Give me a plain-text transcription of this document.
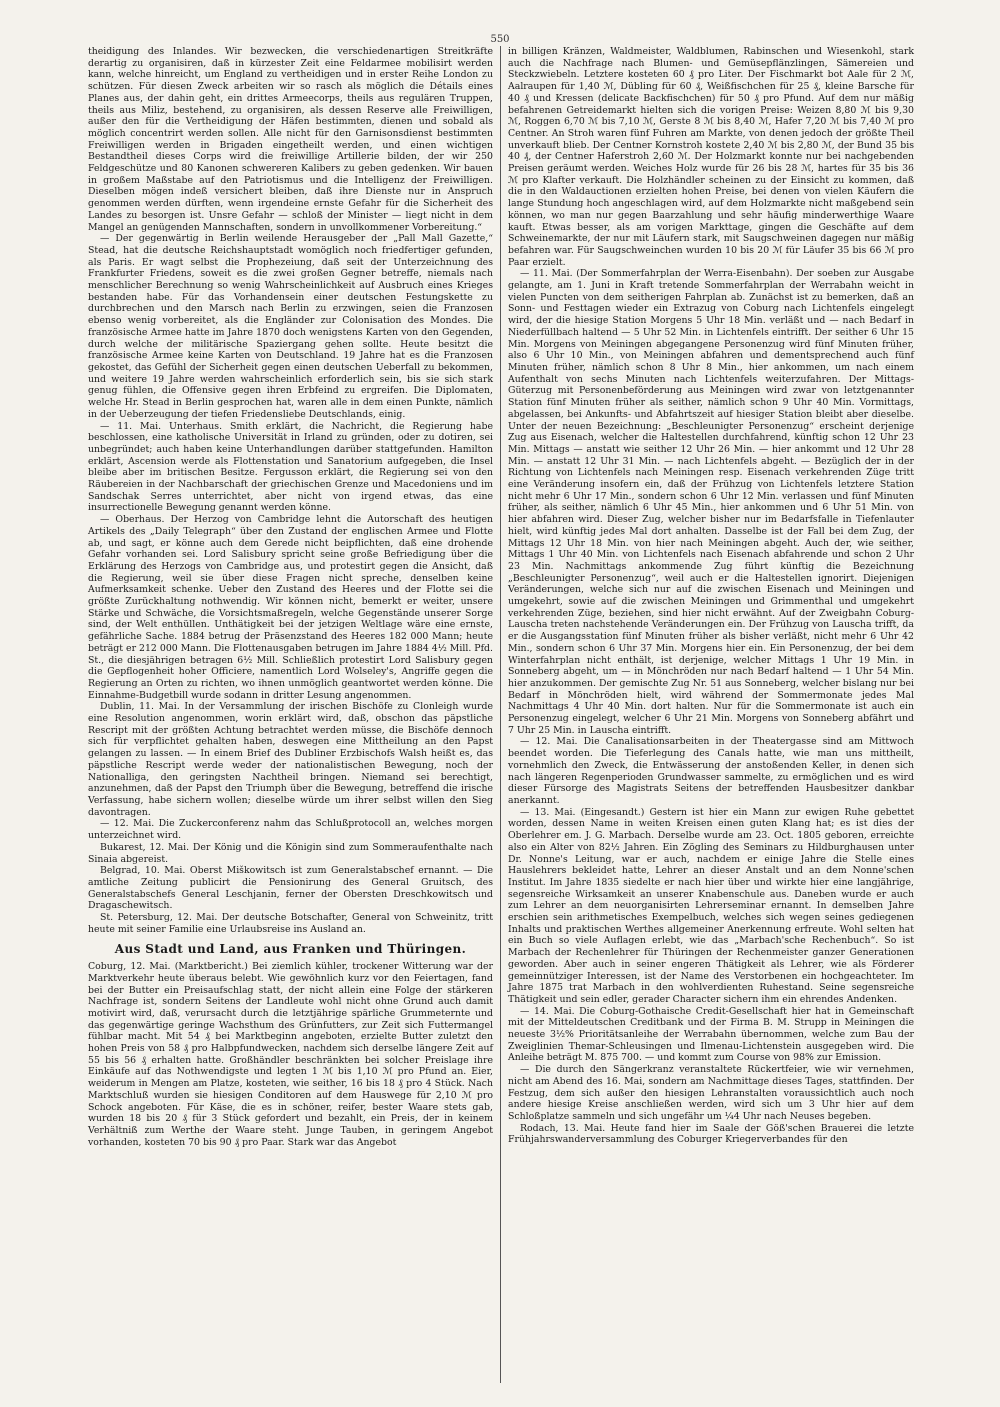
550

theidigung des Inlandes. Wir bezwecken, die verschiedenartigen Streitkräfte derartig zu organisiren, daß in kürzester Zeit eine Feldarmee mobilisirt werden kann, welche hinreicht, um England zu vertheidigen und in erster Reihe London zu schützen. Für diesen Zweck arbeiten wir so rasch als möglich die Détails eines Planes aus, der dahin geht, ein drittes Armeecorps, theils aus regulären Truppen, theils aus Miliz, bestehend, zu organisiren, als dessen Reserve alle Freiwilligen, außer den für die Vertheidigung der Häfen bestimmten, dienen und sobald als möglich concentrirt werden sollen. Alle nicht für den Garnisonsdienst bestimmten Freiwilligen werden in Brigaden eingetheilt werden, und einen wichtigen Bestandtheil dieses Corps wird die freiwillige Artillerie bilden, der wir 250 Feldgeschütze und 80 Kanonen schwereren Kalibers zu geben gedenken. Wir bauen in großem Maßstabe auf den Patriotismus und die Intelligenz der Freiwilligen. Dieselben mögen indeß versichert bleiben, daß ihre Dienste nur in Anspruch genommen werden dürften, wenn irgendeine ernste Gefahr für die Sicherheit des Landes zu besorgen ist. Unsre Gefahr — schloß der Minister — liegt nicht in dem Mangel an genügenden Mannschaften, sondern in unvollkommener Vorbereitung.“

— Der gegenwärtig in Berlin weilende Herausgeber der „Pall Mall Gazette,“ Stead, hat die deutsche Reichshauptstadt womöglich noch friedfertiger gefunden, als Paris. Er wagt selbst die Prophezeiung, daß seit der Unterzeichnung des Frankfurter Friedens, soweit es die zwei großen Gegner betreffe, niemals nach menschlicher Berechnung so wenig Wahrscheinlichkeit auf Ausbruch eines Krieges bestanden habe. Für das Vorhandensein einer deutschen Festungskette zu durchbrechen und den Marsch nach Berlin zu erzwingen, seien die Franzosen ebenso wenig vorbereitet, als die Engländer zur Colonisation des Mondes. Die französische Armee hatte im Jahre 1870 doch wenigstens Karten von den Gegenden, durch welche der militärische Spaziergang gehen sollte. Heute besitzt die französische Armee keine Karten von Deutschland. 19 Jahre hat es die Franzosen gekostet, das Gefühl der Sicherheit gegen einen deutschen Ueberfall zu bekommen, und weitere 19 Jahre werden wahrscheinlich erforderlich sein, bis sie sich stark genug fühlen, die Offensive gegen ihren Erbfeind zu ergreifen. Die Diplomaten, welche Hr. Stead in Berlin gesprochen hat, waren alle in dem einen Punkte, nämlich in der Ueberzeugung der tiefen Friedensliebe Deutschlands, einig.

— 11. Mai. Unterhaus. Smith erklärt, die Nachricht, die Regierung habe beschlossen, eine katholische Universität in Irland zu gründen, oder zu dotiren, sei unbegründet; auch haben keine Unterhandlungen darüber stattgefunden. Hamilton erklärt, Ascension werde als Flottenstation und Sanatorium aufgegeben, die Insel bleibe aber im britischen Besitze. Fergusson erklärt, die Regierung sei von den Räubereien in der Nachbarschaft der griechischen Grenze und Macedoniens und im Sandschak Serres unterrichtet, aber nicht von irgend etwas, das eine insurrectionelle Bewegung genannt werden könne.

— Oberhaus. Der Herzog von Cambridge lehnt die Autorschaft des heutigen Artikels des „Daily Telegraph“ über den Zustand der englischen Armee und Flotte ab, und sagt, er könne auch dem Gerede nicht beipflichten, daß eine drohende Gefahr vorhanden sei. Lord Salisbury spricht seine große Befriedigung über die Erklärung des Herzogs von Cambridge aus, und protestirt gegen die Ansicht, daß die Regierung, weil sie über diese Fragen nicht spreche, denselben keine Aufmerksamkeit schenke. Ueber den Zustand des Heeres und der Flotte sei die größte Zurückhaltung nothwendig. Wir können nicht, bemerkt er weiter, unsere Stärke und Schwäche, die Vorsichtsmaßregeln, welche Gegenstände unserer Sorge sind, der Welt enthüllen. Unthätigkeit bei der jetzigen Weltlage wäre eine ernste, gefährliche Sache. 1884 betrug der Präsenzstand des Heeres 182 000 Mann; heute beträgt er 212 000 Mann. Die Flottenausgaben betrugen im Jahre 1884 4½ Mill. Pfd. St., die diesjährigen betragen 6½ Mill. Schließlich protestirt Lord Salisbury gegen die Gepflogenheit hoher Officiere, namentlich Lord Wolseley's, Angriffe gegen die Regierung an Orten zu richten, wo ihnen unmöglich geantwortet werden könne. Die Einnahme-Budgetbill wurde sodann in dritter Lesung angenommen.

Dublin, 11. Mai. In der Versammlung der irischen Bischöfe zu Clonleigh wurde eine Resolution angenommen, worin erklärt wird, daß, obschon das päpstliche Rescript mit der größten Achtung betrachtet werden müsse, die Bischöfe dennoch sich für verpflichtet gehalten haben, deswegen eine Mittheilung an den Papst gelangen zu lassen. — In einem Brief des Dubliner Erzbischofs Walsh heißt es, das päpstliche Rescript werde weder der nationalistischen Bewegung, noch der Nationalliga, den geringsten Nachtheil bringen. Niemand sei berechtigt, anzunehmen, daß der Papst den Triumph über die Bewegung, betreffend die irische Verfassung, habe sichern wollen; dieselbe würde um ihrer selbst willen den Sieg davontragen.

— 12. Mai. Die Zuckerconferenz nahm das Schlußprotocoll an, welches morgen unterzeichnet wird.

Bukarest, 12. Mai. Der König und die Königin sind zum Sommeraufenthalte nach Sinaia abgereist.

Belgrad, 10. Mai. Oberst Miškowitsch ist zum Generalstabschef ernannt. — Die amtliche Zeitung publicirt die Pensionirung des General Gruitsch, des Generalstabschefs General Leschjanin, ferner der Obersten Dreschkowitsch und Dragaschewitsch.

St. Petersburg, 12. Mai. Der deutsche Botschafter, General von Schweinitz, tritt heute mit seiner Familie eine Urlaubsreise ins Ausland an.

Aus Stadt und Land, aus Franken und Thüringen.

Coburg, 12. Mai. (Marktbericht.) Bei ziemlich kühler, trockener Witterung war der Marktverkehr heute überaus belebt. Wie gewöhnlich kurz vor den Feiertagen, fand bei der Butter ein Preisaufschlag statt, der nicht allein eine Folge der stärkeren Nachfrage ist, sondern Seitens der Landleute wohl nicht ohne Grund auch damit motivirt wird, daß, verursacht durch die letztjährige spärliche Grummeternte und das gegenwärtige geringe Wachsthum des Grünfutters, zur Zeit sich Futtermangel fühlbar macht. Mit 54 ₰ bei Marktbeginn angeboten, erzielte Butter zuletzt den hohen Preis von 58 ₰ pro Halbpfundwecken, nachdem sich derselbe längere Zeit auf 55 bis 56 ₰ erhalten hatte. Großhändler beschränkten bei solcher Preislage ihre Einkäufe auf das Nothwendigste und legten 1 ℳ bis 1,10 ℳ pro Pfund an. Eier, weiderum in Mengen am Platze, kosteten, wie seither, 16 bis 18 ₰ pro 4 Stück. Nach Marktschluß wurden sie hiesigen Conditoren auf dem Hauswege für 2,10 ℳ pro Schock angeboten. Für Käse, die es in schöner, reifer, bester Waare stets gab, wurden 18 bis 20 ₰ für 3 Stück gefordert und bezahlt, ein Preis, der in keinem Verhältniß zum Werthe der Waare steht. Junge Tauben, in geringem Angebot vorhanden, kosteten 70 bis 90 ₰ pro Paar. Stark war das Angebot

in billigen Kränzen, Waldmeister, Waldblumen, Rabinschen und Wiesenkohl, stark auch die Nachfrage nach Blumen- und Gemüsepflänzlingen, Sämereien und Steckzwiebeln. Letztere kosteten 60 ₰ pro Liter. Der Fischmarkt bot Aale für 2 ℳ, Aalraupen für 1,40 ℳ, Dübling für 60 ₰, Weißfischchen für 25 ₰, kleine Barsche für 40 ₰ und Kressen (delicate Backfischchen) für 50 ₰ pro Pfund. Auf dem nur mäßig befahrenen Getreidemarkt hielten sich die vorigen Preise: Weizen 8,80 ℳ bis 9,30 ℳ, Roggen 6,70 ℳ bis 7,10 ℳ, Gerste 8 ℳ bis 8,40 ℳ, Hafer 7,20 ℳ bis 7,40 ℳ pro Centner. An Stroh waren fünf Fuhren am Markte, von denen jedoch der größte Theil unverkauft blieb. Der Centner Kornstroh kostete 2,40 ℳ bis 2,80 ℳ, der Bund 35 bis 40 ₰, der Centner Haferstroh 2,60 ℳ. Der Holzmarkt konnte nur bei nachgebenden Preisen geräumt werden. Weiches Holz wurde für 26 bis 28 ℳ, hartes für 35 bis 36 ℳ pro Klafter verkauft. Die Holzhändler scheinen zu der Einsicht zu kommen, daß die in den Waldauctionen erzielten hohen Preise, bei denen von vielen Käufern die lange Stundung hoch angeschlagen wird, auf dem Holzmarkte nicht maßgebend sein können, wo man nur gegen Baarzahlung und sehr häufig minderwerthige Waare kauft. Etwas besser, als am vorigen Markttage, gingen die Geschäfte auf dem Schweinemarkte, der nur mit Läufern stark, mit Saugschweinen dagegen nur mäßig befahren war. Für Saugschweinchen wurden 10 bis 20 ℳ für Läufer 35 bis 66 ℳ pro Paar erzielt.

— 11. Mai. (Der Sommerfahrplan der Werra-Eisenbahn). Der soeben zur Ausgabe gelangte, am 1. Juni in Kraft tretende Sommerfahrplan der Werrabahn weicht in vielen Puncten von dem seitherigen Fahrplan ab. Zunächst ist zu bemerken, daß an Sonn- und Festtagen wieder ein Extrazug von Coburg nach Lichtenfels eingelegt wird, der die hiesige Station Morgens 5 Uhr 18 Min. verläßt und — nach Bedarf in Niederfüllbach haltend — 5 Uhr 52 Min. in Lichtenfels eintrifft. Der seither 6 Uhr 15 Min. Morgens von Meiningen abgegangene Personenzug wird fünf Minuten früher, also 6 Uhr 10 Min., von Meiningen abfahren und dementsprechend auch fünf Minuten früher, nämlich schon 8 Uhr 8 Min., hier ankommen, um nach einem Aufenthalt von sechs Minuten nach Lichtenfels weiterzufahren. Der Mittags-Güterzug mit Personenbeförderung aus Meiningen wird zwar von letztgenannter Station fünf Minuten früher als seither, nämlich schon 9 Uhr 40 Min. Vormittags, abgelassen, bei Ankunfts- und Abfahrtszeit auf hiesiger Station bleibt aber dieselbe. Unter der neuen Bezeichnung: „Beschleunigter Personenzug“ erscheint derjenige Zug aus Eisenach, welcher die Haltestellen durchfahrend, künftig schon 12 Uhr 23 Min. Mittags — anstatt wie seither 12 Uhr 26 Min. — hier ankommt und 12 Uhr 28 Min. — anstatt 12 Uhr 31 Min. — nach Lichtenfels abgeht. — Bezüglich der in der Richtung von Lichtenfels nach Meiningen resp. Eisenach verkehrenden Züge tritt eine Veränderung insofern ein, daß der Frühzug von Lichtenfels letztere Station nicht mehr 6 Uhr 17 Min., sondern schon 6 Uhr 12 Min. verlassen und fünf Minuten früher, als seither, nämlich 6 Uhr 45 Min., hier ankommen und 6 Uhr 51 Min. von hier abfahren wird. Dieser Zug, welcher bisher nur im Bedarfsfalle in Tiefenlauter hielt, wird künftig jedes Mal dort anhalten. Dasselbe ist der Fall bei dem Zug, der Mittags 12 Uhr 18 Min. von hier nach Meiningen abgeht. Auch der, wie seither, Mittags 1 Uhr 40 Min. von Lichtenfels nach Eisenach abfahrende und schon 2 Uhr 23 Min. Nachmittags ankommende Zug führt künftig die Bezeichnung „Beschleunigter Personenzug“, weil auch er die Haltestellen ignorirt. Diejenigen Veränderungen, welche sich nur auf die zwischen Eisenach und Meiningen und umgekehrt, sowie auf die zwischen Meiningen und Grimmenthal und umgekehrt verkehrenden Züge, beziehen, sind hier nicht erwähnt. Auf der Zweigbahn Coburg-Lauscha treten nachstehende Veränderungen ein. Der Frühzug von Lauscha trifft, da er die Ausgangsstation fünf Minuten früher als bisher verläßt, nicht mehr 6 Uhr 42 Min., sondern schon 6 Uhr 37 Min. Morgens hier ein. Ein Personenzug, der bei dem Winterfahrplan nicht enthält, ist derjenige, welcher Mittags 1 Uhr 19 Min. in Sonneberg abgeht, um — in Mönchröden nur nach Bedarf haltend — 1 Uhr 54 Min. hier anzukommen. Der gemischte Zug Nr. 51 aus Sonneberg, welcher bislang nur bei Bedarf in Mönchröden hielt, wird während der Sommermonate jedes Mal Nachmittags 4 Uhr 40 Min. dort halten. Nur für die Sommermonate ist auch ein Personenzug eingelegt, welcher 6 Uhr 21 Min. Morgens von Sonneberg abfährt und 7 Uhr 25 Min. in Lauscha eintrifft.

— 12. Mai. Die Canalisationsarbeiten in der Theatergasse sind am Mittwoch beendet worden. Die Tieferlegung des Canals hatte, wie man uns mittheilt, vornehmlich den Zweck, die Entwässerung der anstoßenden Keller, in denen sich nach längeren Regenperioden Grundwasser sammelte, zu ermöglichen und es wird dieser Fürsorge des Magistrats Seitens der betreffenden Hausbesitzer dankbar anerkannt.

— 13. Mai. (Eingesandt.) Gestern ist hier ein Mann zur ewigen Ruhe gebettet worden, dessen Name in weiten Kreisen einen guten Klang hat; es ist dies der Oberlehrer em. J. G. Marbach. Derselbe wurde am 23. Oct. 1805 geboren, erreichte also ein Alter von 82½ Jahren. Ein Zögling des Seminars zu Hildburghausen unter Dr. Nonne's Leitung, war er auch, nachdem er einige Jahre die Stelle eines Hauslehrers bekleidet hatte, Lehrer an dieser Anstalt und an dem Nonne'schen Institut. Im Jahre 1835 siedelte er nach hier über und wirkte hier eine langjährige, segensreiche Wirksamkeit an unserer Knabenschule aus. Daneben wurde er auch zum Lehrer an dem neuorganisirten Lehrerseminar ernannt. In demselben Jahre erschien sein arithmetisches Exempelbuch, welches sich wegen seines gediegenen Inhalts und praktischen Werthes allgemeiner Anerkennung erfreute. Wohl selten hat ein Buch so viele Auflagen erlebt, wie das „Marbach'sche Rechenbuch“. So ist Marbach der Rechenlehrer für Thüringen der Rechenmeister ganzer Generationen geworden. Aber auch in seiner engeren Thätigkeit als Lehrer, wie als Förderer gemeinnütziger Interessen, ist der Name des Verstorbenen ein hochgeachteter. Im Jahre 1875 trat Marbach in den wohlverdienten Ruhestand. Seine segensreiche Thätigkeit und sein edler, gerader Character sichern ihm ein ehrendes Andenken.

— 14. Mai. Die Coburg-Gothaische Credit-Gesellschaft hier hat in Gemeinschaft mit der Mitteldeutschen Creditbank und der Firma B. M. Strupp in Meiningen die neueste 3½% Prioritätsanleihe der Werrabahn übernommen, welche zum Bau der Zweiglinien Themar-Schleusingen und Ilmenau-Lichtenstein ausgegeben wird. Die Anleihe beträgt M. 875 700. — und kommt zum Course von 98% zur Emission.

— Die durch den Sängerkranz veranstaltete Rückertfeier, wie wir vernehmen, nicht am Abend des 16. Mai, sondern am Nachmittage dieses Tages, stattfinden. Der Festzug, dem sich außer den hiesigen Lehranstalten voraussichtlich auch noch andere hiesige Kreise anschließen werden, wird sich um 3 Uhr hier auf dem Schloßplatze sammeln und sich ungefähr um ¼4 Uhr nach Neuses begeben.

Rodach, 13. Mai. Heute fand hier im Saale der Göß'schen Brauerei die letzte Frühjahrswanderversammlung des Coburger Kriegerverbandes für den
